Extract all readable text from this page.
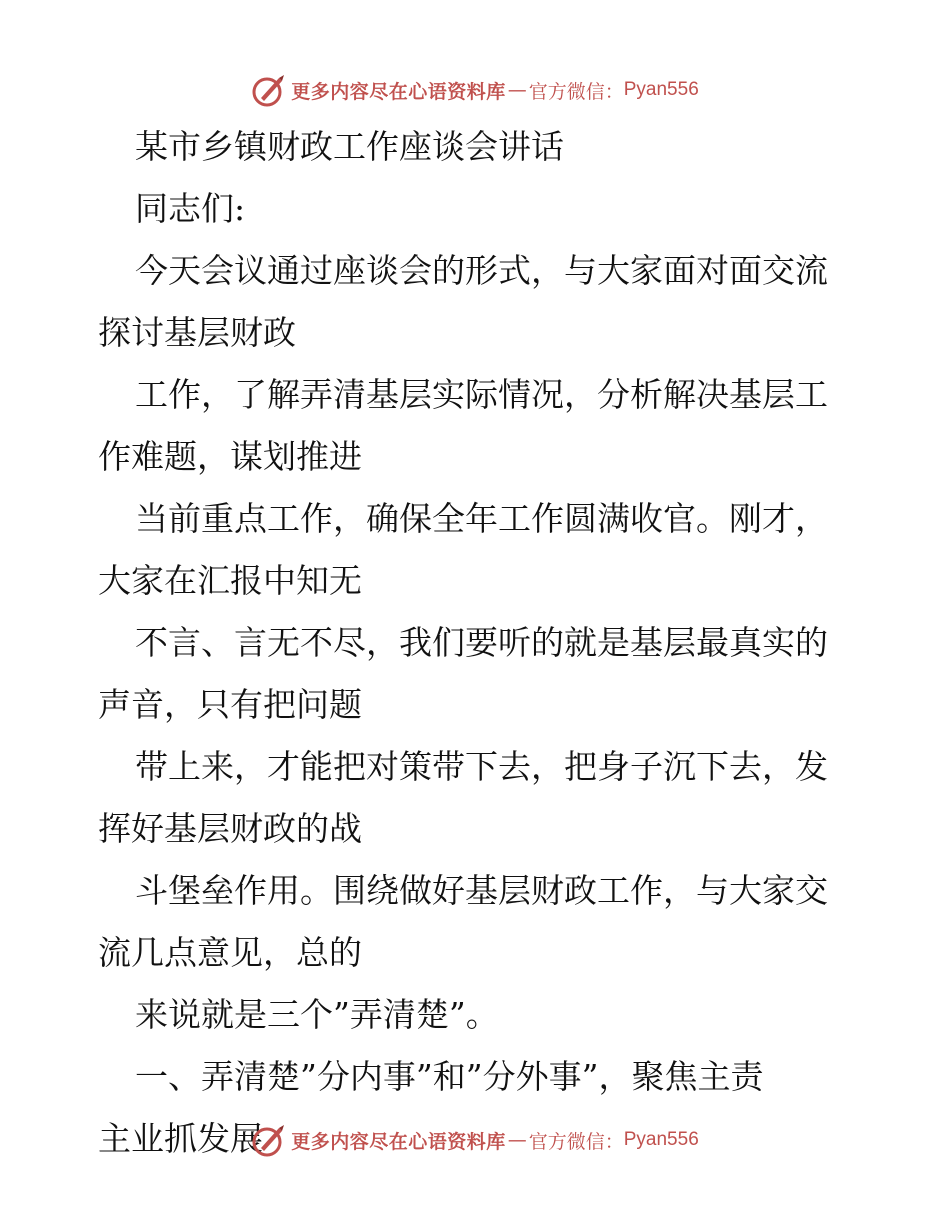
更多内容尽在心语资料库 — 官方微信： Pyan556
某市乡镇财政工作座谈会讲话
同志们:
今天会议通过座谈会的形式，与大家面对面交流
探讨基层财政
工作，了解弄清基层实际情况，分析解决基层工
作难题，谋划推进
当前重点工作，确保全年工作圆满收官。刚才，
大家在汇报中知无
不言、言无不尽，我们要听的就是基层最真实的
声音，只有把问题
带上来，才能把对策带下去，把身子沉下去，发
挥好基层财政的战
斗堡垒作用。围绕做好基层财政工作，与大家交
流几点意见，总的
来说就是三个”弄清楚”。
一、弄清楚”分内事”和”分外事”，聚焦主责
主业抓发展	更多内容尽在心语资料库 — 官方微信： Pyan556
